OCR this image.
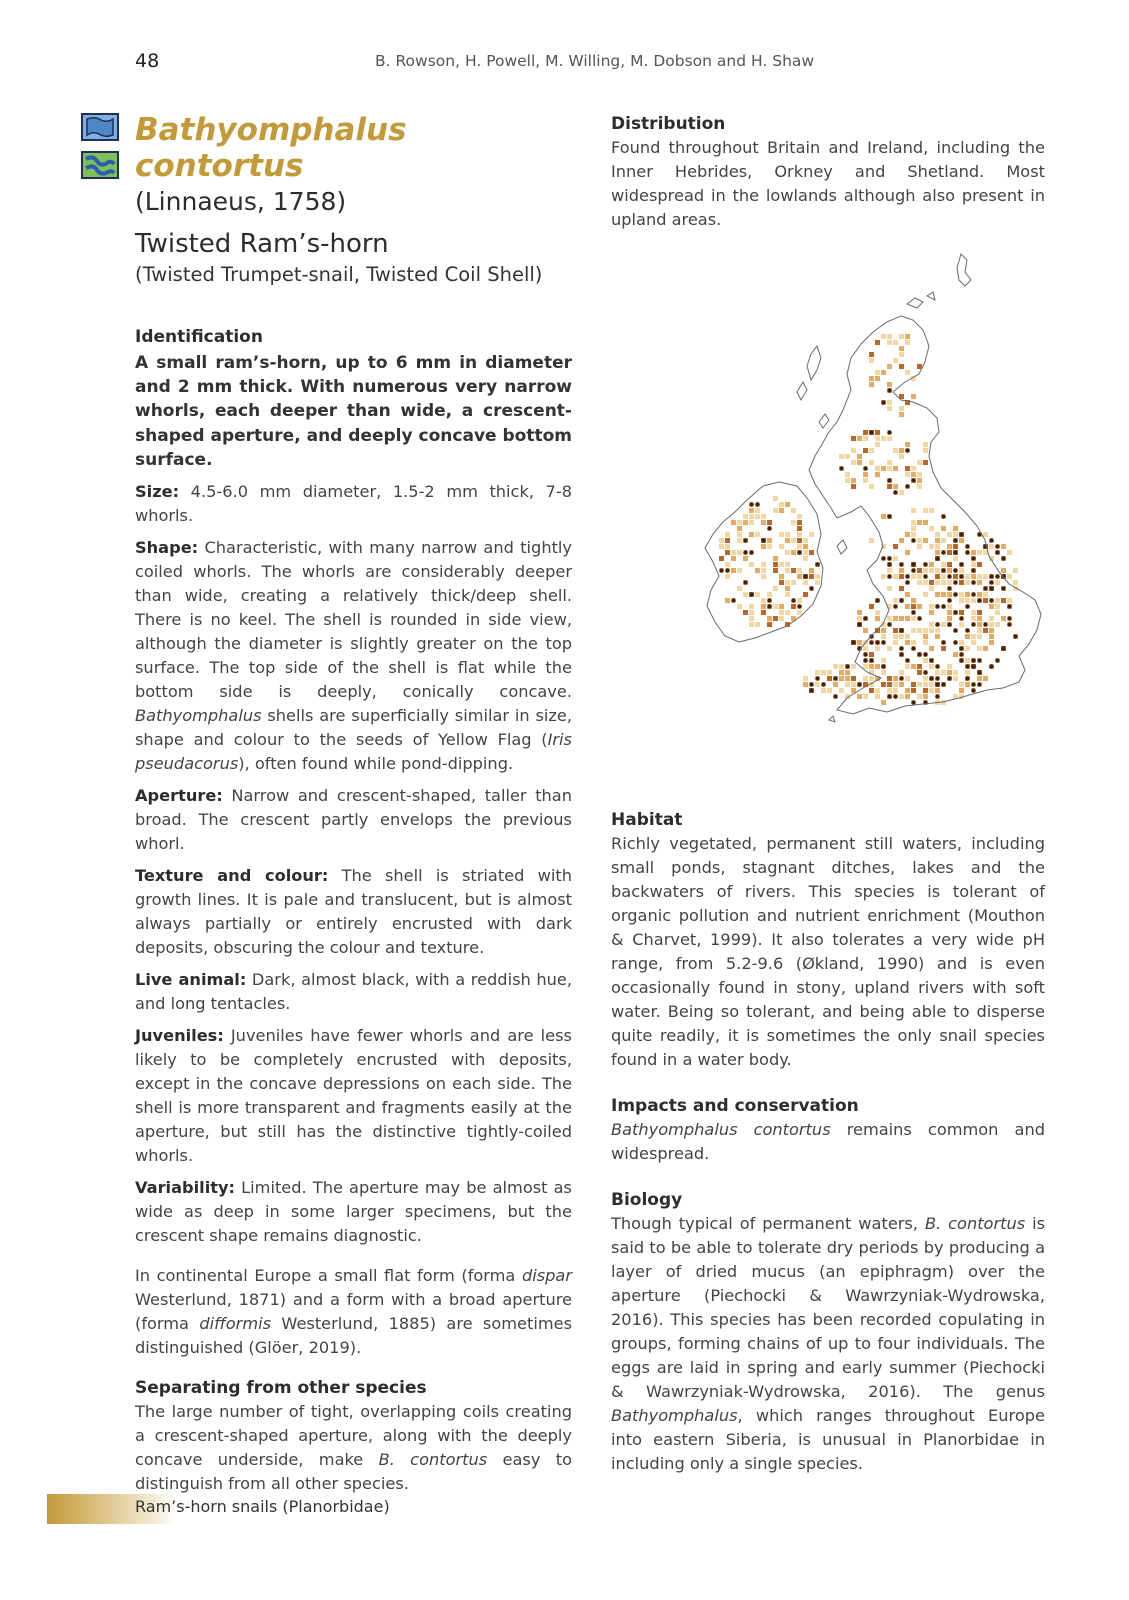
48	B. Rowson, H. Powell, M. Willing, M. Dobson and H. Shaw
Bathyomphalus contortus
(Linnaeus, 1758)
Twisted Ram’s-horn
(Twisted Trumpet-snail, Twisted Coil Shell)
Identification
A small ram’s-horn, up to 6 mm in diameter and 2 mm thick. With numerous very narrow whorls, each deeper than wide, a crescent-shaped aperture, and deeply concave bottom surface.

Size: 4.5-6.0 mm diameter, 1.5-2 mm thick, 7-8 whorls.

Shape: Characteristic, with many narrow and tightly coiled whorls. The whorls are considerably deeper than wide, creating a relatively thick/deep shell. There is no keel. The shell is rounded in side view, although the diameter is slightly greater on the top surface. The top side of the shell is flat while the bottom side is deeply, conically concave. Bathyomphalus shells are superficially similar in size, shape and colour to the seeds of Yellow Flag (Iris pseudacorus), often found while pond-dipping.

Aperture: Narrow and crescent-shaped, taller than broad. The crescent partly envelops the previous whorl.

Texture and colour: The shell is striated with growth lines. It is pale and translucent, but is almost always partially or entirely encrusted with dark deposits, obscuring the colour and texture.

Live animal: Dark, almost black, with a reddish hue, and long tentacles.

Juveniles: Juveniles have fewer whorls and are less likely to be completely encrusted with deposits, except in the concave depressions on each side. The shell is more transparent and fragments easily at the aperture, but still has the distinctive tightly-coiled whorls.

Variability: Limited. The aperture may be almost as wide as deep in some larger specimens, but the crescent shape remains diagnostic.

In continental Europe a small flat form (forma dispar Westerlund, 1871) and a form with a broad aperture (forma difformis Westerlund, 1885) are sometimes distinguished (Glöer, 2019).

Separating from other species

The large number of tight, overlapping coils creating a crescent-shaped aperture, along with the deeply concave underside, make B. contortus easy to distinguish from all other species.

Distribution

Found throughout Britain and Ireland, including the Inner Hebrides, Orkney and Shetland. Most widespread in the lowlands although also present in upland areas.

Habitat

Richly vegetated, permanent still waters, including small ponds, stagnant ditches, lakes and the backwaters of rivers. This species is tolerant of organic pollution and nutrient enrichment (Mouthon & Charvet, 1999). It also tolerates a very wide pH range, from 5.2-9.6 (Økland, 1990) and is even occasionally found in stony, upland rivers with soft water. Being so tolerant, and being able to disperse quite readily, it is sometimes the only snail species found in a water body.

Impacts and conservation

Bathyomphalus contortus remains common and widespread.

Biology

Though typical of permanent waters, B. contortus is said to be able to tolerate dry periods by producing a layer of dried mucus (an epiphragm) over the aperture (Piechocki & Wawrzyniak-Wydrowska, 2016). This species has been recorded copulating in groups, forming chains of up to four individuals. The eggs are laid in spring and early summer (Piechocki & Wawrzyniak-Wydrowska, 2016). The genus Bathyomphalus, which ranges throughout Europe into eastern Siberia, is unusual in Planorbidae in including only a single species.

Ram’s-horn snails (Planorbidae)
